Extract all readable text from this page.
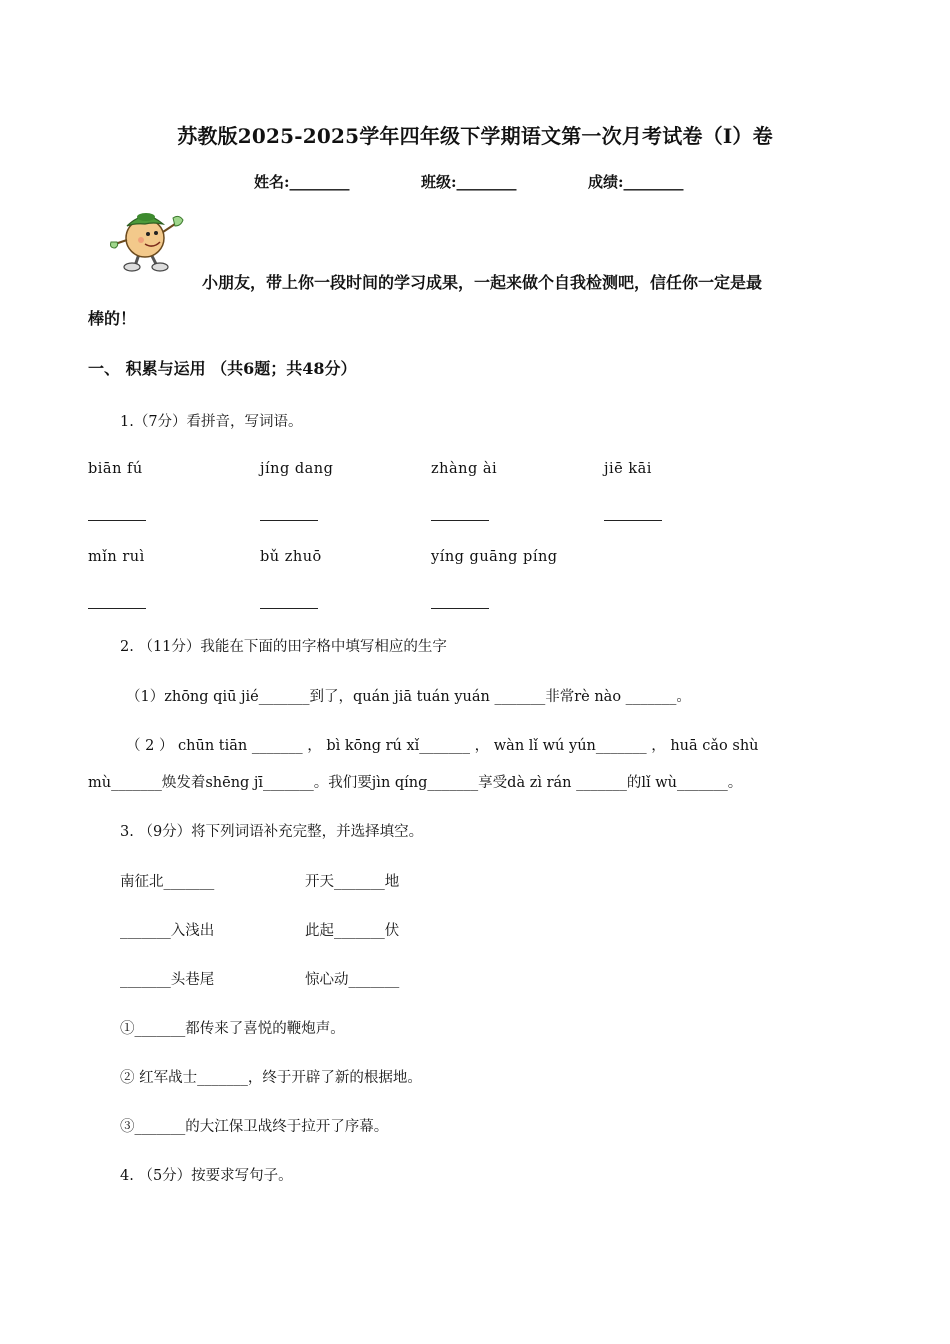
苏教版2025-2025学年四年级下学期语文第一次月考试卷（I）卷
姓名:________	班级:________	成绩:________
小朋友，带上你一段时间的学习成果，一起来做个自我检测吧，信任你一定是最
棒的！
一、 积累与运用 （共6题；共48分）
1.（7分）看拼音，写词语。
biān fú	jíng dang	zhàng ài	jiē kāi
mǐn ruì	bǔ zhuō	yíng guāng píng
2. （11分）我能在下面的田字格中填写相应的生字
（1）zhōng qiū jié_______到了，quán jiā tuán yuán _______非常rè nào _______。
（ 2 ） chūn tiān _______ ， bì kōng rú xǐ_______ ， wàn lǐ wú yún_______ ， huā cǎo shù
mù_______焕发着shēng jī_______。我们要jìn qíng_______享受dà zì rán _______的lǐ wù_______。
3. （9分）将下列词语补充完整，并选择填空。
南征北_______	开天_______地
_______入浅出	此起_______伏
_______头巷尾	惊心动_______
①_______都传来了喜悦的鞭炮声。
② 红军战士_______，终于开辟了新的根据地。
③_______的大江保卫战终于拉开了序幕。
4. （5分）按要求写句子。
